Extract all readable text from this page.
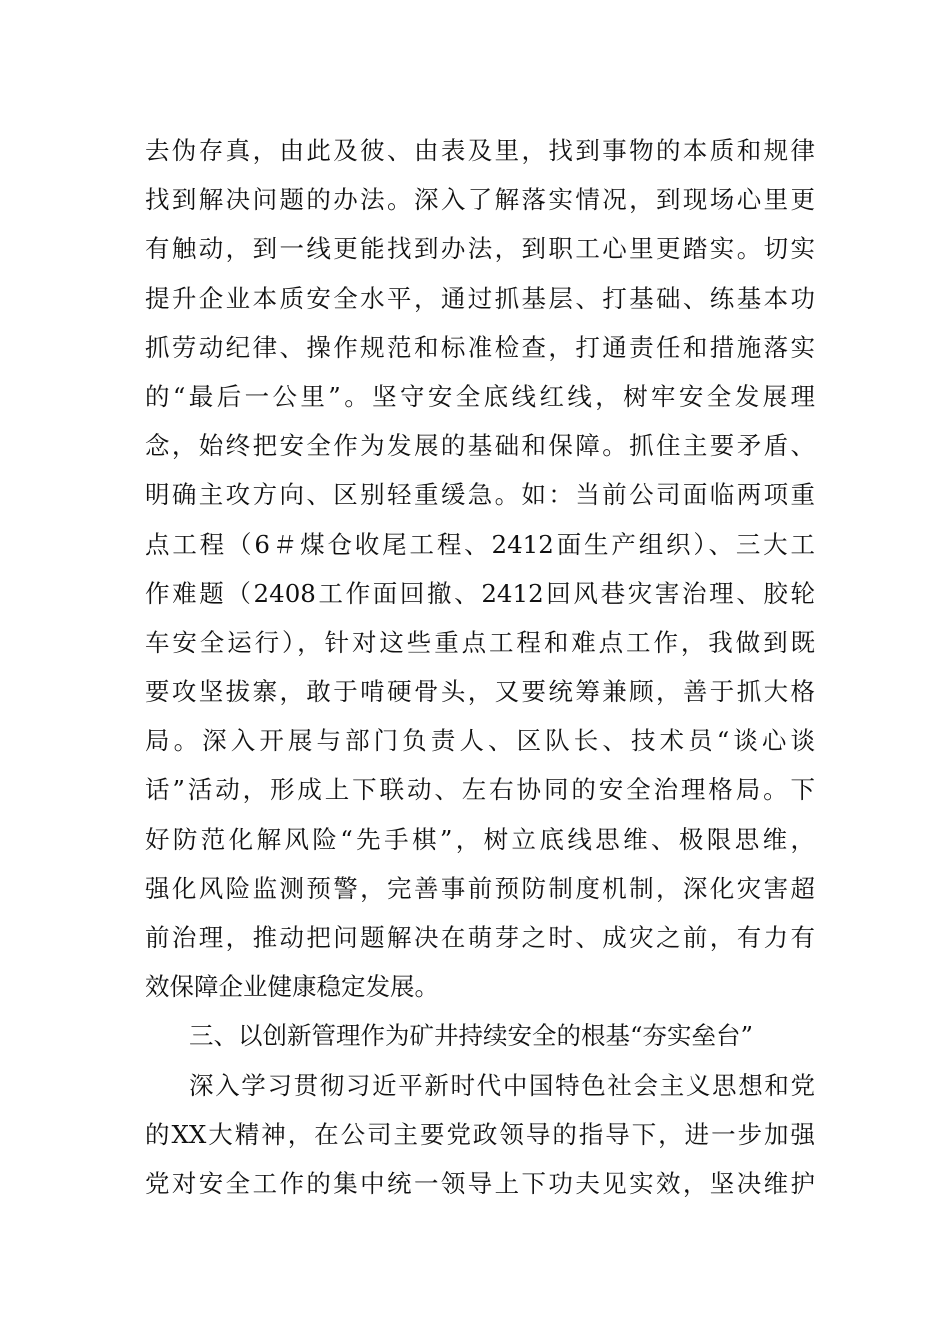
去伪存真，由此及彼、由表及里，找到事物的本质和规律
找到解决问题的办法。深入了解落实情况，到现场心里更
有触动，到一线更能找到办法，到职工心里更踏实。切实
提升企业本质安全水平，通过抓基层、打基础、练基本功
抓劳动纪律、操作规范和标准检查，打通责任和措施落实
的“最后一公里”。坚守安全底线红线，树牢安全发展理
念，始终把安全作为发展的基础和保障。抓住主要矛盾、
明确主攻方向、区别轻重缓急。如：当前公司面临两项重
点工程（6＃煤仓收尾工程、2412面生产组织）、三大工
作难题（2408工作面回撤、2412回风巷灾害治理、胶轮
车安全运行），针对这些重点工程和难点工作，我做到既
要攻坚拔寨，敢于啃硬骨头，又要统筹兼顾，善于抓大格
局。深入开展与部门负责人、区队长、技术员“谈心谈
话”活动，形成上下联动、左右协同的安全治理格局。下
好防范化解风险“先手棋”，树立底线思维、极限思维，
强化风险监测预警，完善事前预防制度机制，深化灾害超
前治理，推动把问题解决在萌芽之时、成灾之前，有力有
效保障企业健康稳定发展。
三、以创新管理作为矿井持续安全的根基“夯实垒台”
深入学习贯彻习近平新时代中国特色社会主义思想和党
的XX大精神，在公司主要党政领导的指导下，进一步加强
党对安全工作的集中统一领导上下功夫见实效，坚决维护
